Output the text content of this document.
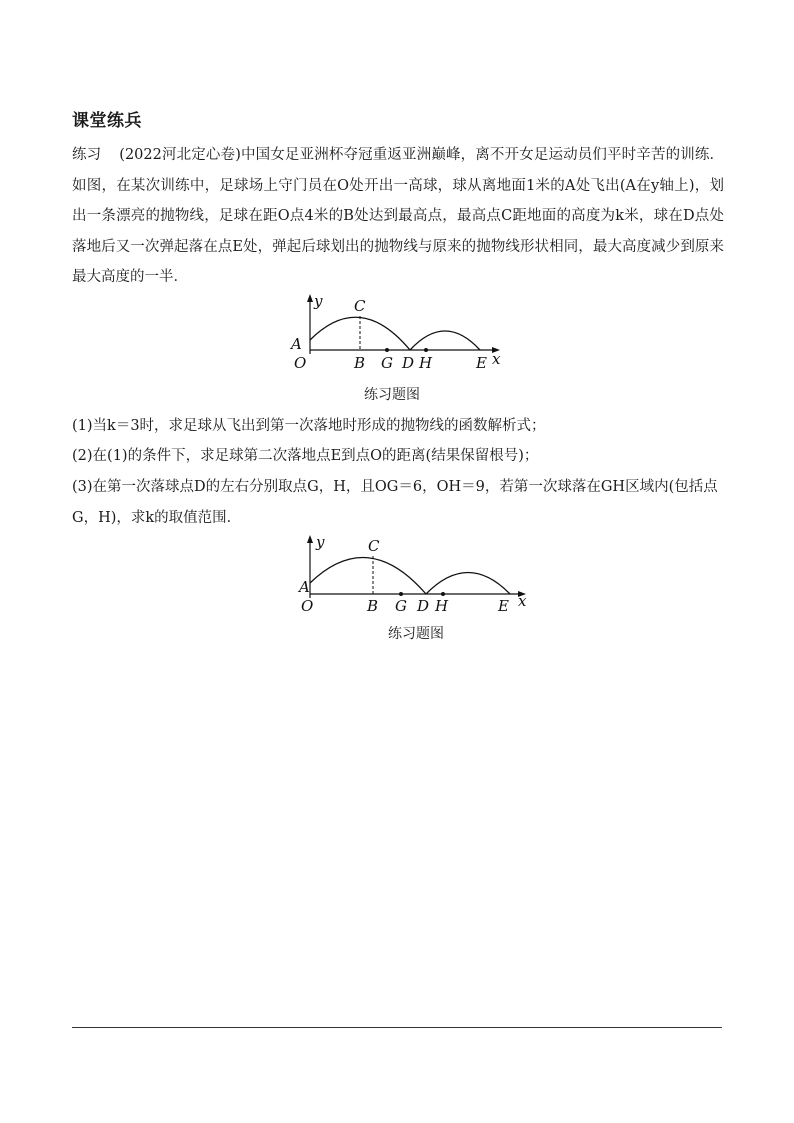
课堂练兵
练习 (2022河北定心卷)中国女足亚洲杯夺冠重返亚洲巅峰，离不开女足运动员们平时辛苦的训练．如图，在某次训练中，足球场上守门员在O处开出一高球，球从离地面1米的A处飞出(A在y轴上)，划出一条漂亮的抛物线，足球在距O点4米的B处达到最高点，最高点C距地面的高度为k米，球在D点处落地后又一次弹起落在点E处，弹起后球划出的抛物线与原来的抛物线形状相同，最大高度减少到原来最大高度的一半．
y C
A
O	B G D H	E x
练习题图
(1)当k＝3时，求足球从飞出到第一次落地时形成的抛物线的函数解析式；
(2)在(1)的条件下，求足球第二次落地点E到点O的距离(结果保留根号)；
(3)在第一次落球点D的左右分别取点G，H，且OG＝6，OH＝9，若第一次球落在GH区域内(包括点G，H)，求k的取值范围．
y	C
A
O	B G D H	E x
练习题图
